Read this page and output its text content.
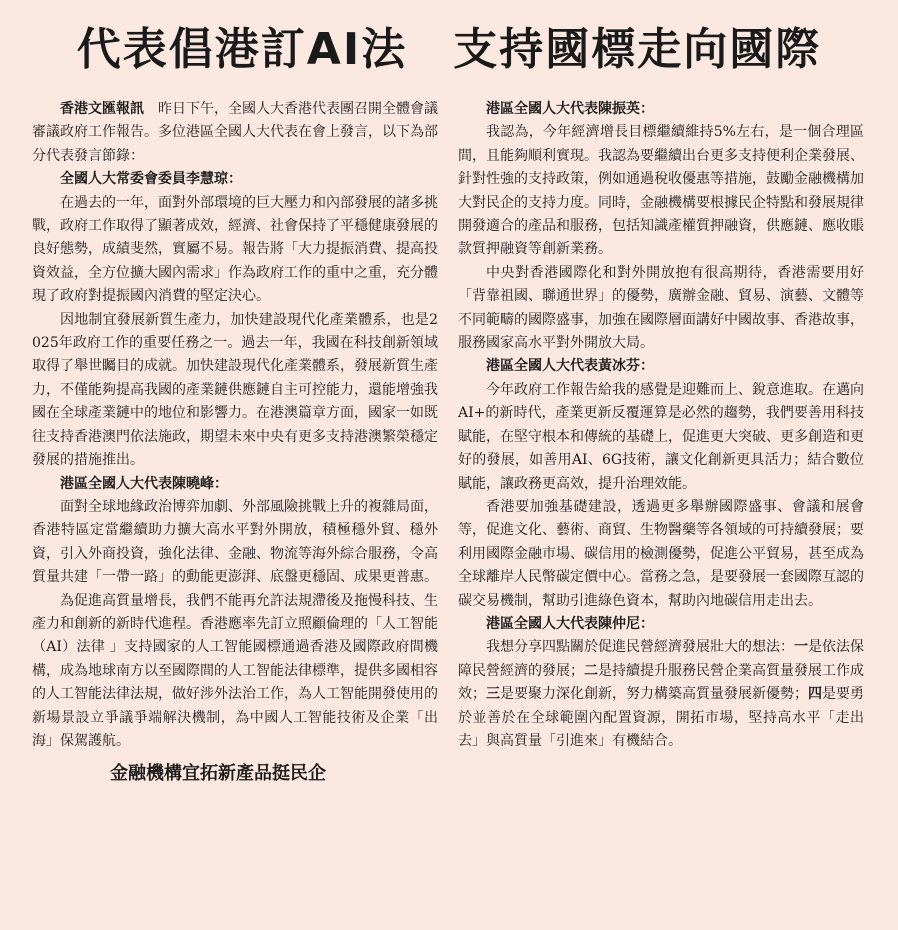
代表倡港訂AI法　支持國標走向國際

香港文匯報訊　 昨日下午，全國人大香港代表團召開全體會議審議政府工作報告。多位港區全國人大代表在會上發言，以下為部分代表發言節錄：

全國人大常委會委員李慧琼：

在過去的一年，面對外部環境的巨大壓力和內部發展的諸多挑戰，政府工作取得了顯著成效，經濟、社會保持了平穩健康發展的良好態勢，成績斐然，實屬不易。報告將「大力提振消費、提高投資效益，全方位擴大國內需求」作為政府工作的重中之重，充分體現了政府對提振國內消費的堅定決心。

因地制宜發展新質生產力，加快建設現代化產業體系，也是2025年政府工作的重要任務之一。過去一年，我國在科技創新領域取得了舉世矚目的成就。加快建設現代化產業體系，發展新質生產力，不僅能夠提高我國的產業鏈供應鏈自主可控能力，還能增強我國在全球產業鏈中的地位和影響力。在港澳篇章方面，國家一如既往支持香港澳門依法施政，期望未來中央有更多支持港澳繁榮穩定發展的措施推出。

港區全國人大代表陳曉峰：

面對全球地緣政治博弈加劇、外部風險挑戰上升的複雜局面， 香港特區定當繼續助力擴大高水平對外開放，積極穩外貿、穩外資，引入外商投資，強化法律、金融、物流等海外綜合服務，令高質量共建「一帶一路」的動能更澎湃、底盤更穩固、成果更普惠。

為促進高質量增長，我們不能再允許法規滯後及拖慢科技、生產力和創新的新時代進程。香港應率先訂立照顧倫理的「人工智能（AI）法律 」支持國家的人工智能國標通過香港及國際政府間機構，成為地球南方以至國際間的人工智能法律標準，提供多國相容的人工智能法律法規，做好涉外法治工作，為人工智能開發使用的新場景設立爭議爭端解決機制，為中國人工智能技術及企業「出海」保駕護航。

金融機構宜拓新產品挺民企
港區全國人大代表陳振英：

我認為，今年經濟增長目標繼續維持5%左右，是一個合理區間，且能夠順利實現。我認為要繼續出台更多支持便利企業發展、針對性強的支持政策，例如通過稅收優惠等措施，鼓勵金融機構加大對民企的支持力度。同時，金融機構要根據民企特點和發展規律開發適合的產品和服務，包括知識產權質押融資，供應鏈、應收賬款質押融資等創新業務。

中央對香港國際化和對外開放抱有很高期待，香港需要用好「背靠祖國、聯通世界」的優勢，廣辦金融、貿易、演藝、文體等不同範疇的國際盛事，加強在國際層面講好中國故事、香港故事，服務國家高水平對外開放大局。

港區全國人大代表黃冰芬：

今年政府工作報告給我的感覺是迎難而上、銳意進取。在邁向AI+的新時代，產業更新反覆運算是必然的趨勢，我們要善用科技賦能，在堅守根本和傳統的基礎上，促進更大突破、更多創造和更好的發展，如善用AI、6G技術，讓文化創新更具活力；結合數位賦能，讓政務更高效，提升治理效能。

香港要加強基礎建設，透過更多舉辦國際盛事、會議和展會等，促進文化、藝術、商貿、生物醫藥等各領域的可持續發展；要利用國際金融市場、碳信用的檢測優勢，促進公平貿易，甚至成為全球離岸人民幣碳定價中心。當務之急，是要發展一套國際互認的碳交易機制，幫助引進綠色資本，幫助內地碳信用走出去。

港區全國人大代表陳仲尼：

我想分享四點關於促進民營經濟發展壯大的想法：一是依法保障民營經濟的發展；二是持續提升服務民營企業高質量發展工作成效；三是要聚力深化創新，努力構築高質量發展新優勢；四是要勇於並善於在全球範圍內配置資源，開拓市場，堅持高水平「走出去」與高質量「引進來」有機結合。
